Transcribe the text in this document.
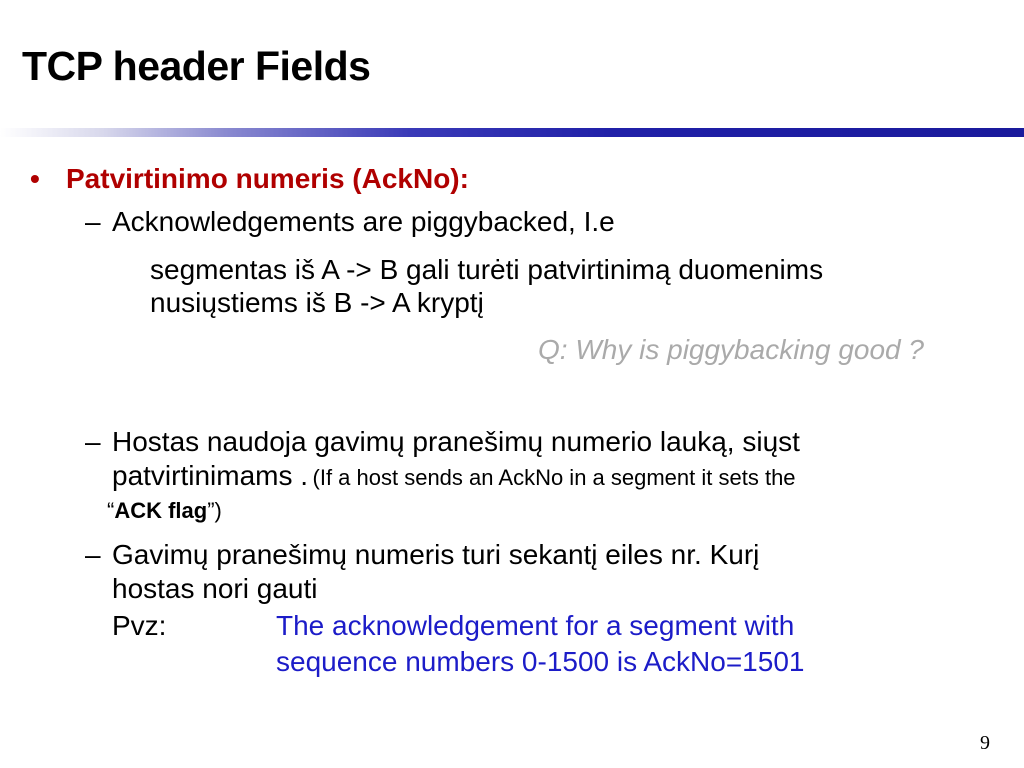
TCP header Fields
• Patvirtinimo numeris (AckNo):
– Acknowledgements are piggybacked, I.e
segmentas iš A -> B gali turėti patvirtinimą duomenims
nusiųstiems iš B -> A kryptį
Q: Why is piggybacking good ?
– Hostas naudoja gavimų pranešimų numerio lauką, siųst
patvirtinimams . (If a host sends an AckNo in a segment it sets the
“ACK flag”)
– Gavimų pranešimų numeris turi sekantį eiles nr. Kurį
hostas nori gauti
Pvz:	The acknowledgement for a segment with
sequence numbers 0-1500 is AckNo=1501
9
